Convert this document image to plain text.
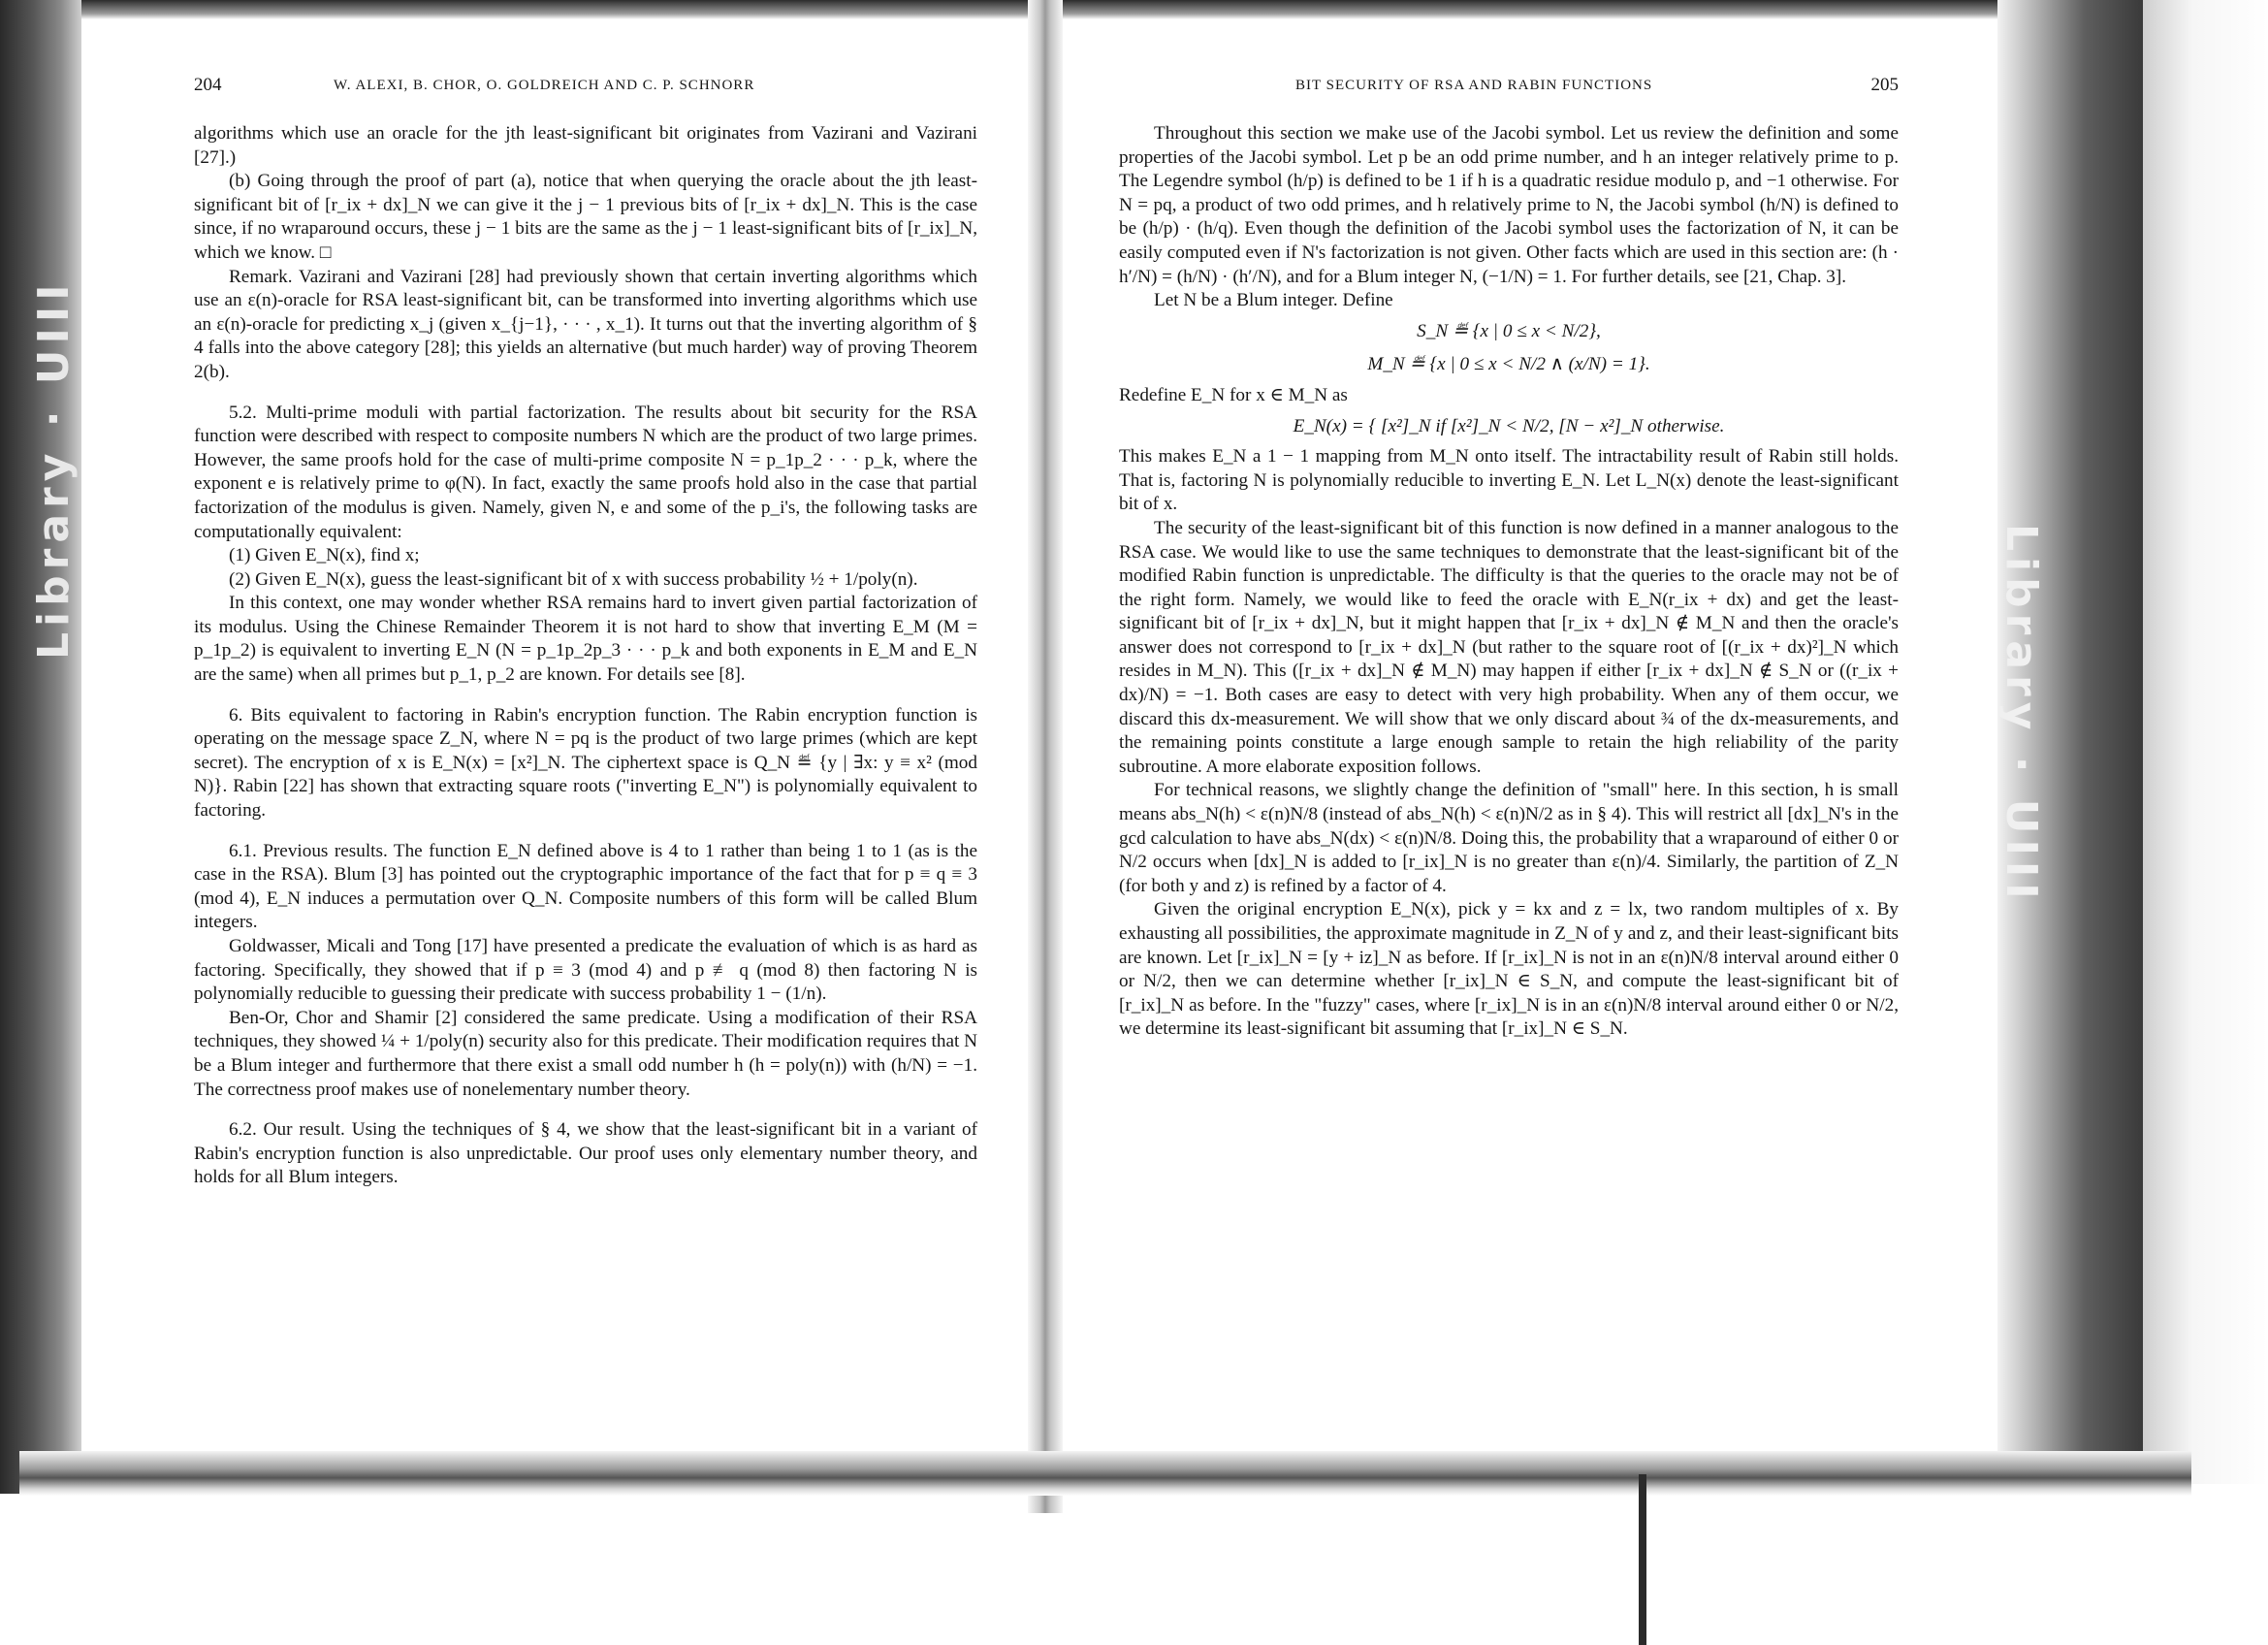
Library · UIII
Library · UIII
204	W. ALEXI, B. CHOR, O. GOLDREICH AND C. P. SCHNORR

algorithms which use an oracle for the jth least-significant bit originates from Vazirani and Vazirani [27].)

(b) Going through the proof of part (a), notice that when querying the oracle about the jth least-significant bit of [r_ix + dx]_N we can give it the j − 1 previous bits of [r_ix + dx]_N. This is the case since, if no wraparound occurs, these j − 1 bits are the same as the j − 1 least-significant bits of [r_ix]_N, which we know. □

Remark. Vazirani and Vazirani [28] had previously shown that certain inverting algorithms which use an ε(n)-oracle for RSA least-significant bit, can be transformed into inverting algorithms which use an ε(n)-oracle for predicting x_j (given x_{j−1}, · · · , x_1). It turns out that the inverting algorithm of § 4 falls into the above category [28]; this yields an alternative (but much harder) way of proving Theorem 2(b).

5.2. Multi-prime moduli with partial factorization. The results about bit security for the RSA function were described with respect to composite numbers N which are the product of two large primes. However, the same proofs hold for the case of multi-prime composite N = p_1p_2 · · · p_k, where the exponent e is relatively prime to φ(N). In fact, exactly the same proofs hold also in the case that partial factorization of the modulus is given. Namely, given N, e and some of the p_i's, the following tasks are computationally equivalent:

(1) Given E_N(x), find x;

(2) Given E_N(x), guess the least-significant bit of x with success probability ½ + 1/poly(n).

In this context, one may wonder whether RSA remains hard to invert given partial factorization of its modulus. Using the Chinese Remainder Theorem it is not hard to show that inverting E_M (M = p_1p_2) is equivalent to inverting E_N (N = p_1p_2p_3 · · · p_k and both exponents in E_M and E_N are the same) when all primes but p_1, p_2 are known. For details see [8].

6. Bits equivalent to factoring in Rabin's encryption function. The Rabin encryption function is operating on the message space Z_N, where N = pq is the product of two large primes (which are kept secret). The encryption of x is E_N(x) = [x²]_N. The ciphertext space is Q_N ≝ {y | ∃x: y ≡ x² (mod N)}. Rabin [22] has shown that extracting square roots ("inverting E_N") is polynomially equivalent to factoring.

6.1. Previous results. The function E_N defined above is 4 to 1 rather than being 1 to 1 (as is the case in the RSA). Blum [3] has pointed out the cryptographic importance of the fact that for p ≡ q ≡ 3 (mod 4), E_N induces a permutation over Q_N. Composite numbers of this form will be called Blum integers.

Goldwasser, Micali and Tong [17] have presented a predicate the evaluation of which is as hard as factoring. Specifically, they showed that if p ≡ 3 (mod 4) and p ≢ q (mod 8) then factoring N is polynomially reducible to guessing their predicate with success probability 1 − (1/n).

Ben-Or, Chor and Shamir [2] considered the same predicate. Using a modification of their RSA techniques, they showed ¼ + 1/poly(n) security also for this predicate. Their modification requires that N be a Blum integer and furthermore that there exist a small odd number h (h = poly(n)) with (h/N) = −1. The correctness proof makes use of nonelementary number theory.

6.2. Our result. Using the techniques of § 4, we show that the least-significant bit in a variant of Rabin's encryption function is also unpredictable. Our proof uses only elementary number theory, and holds for all Blum integers.

BIT SECURITY OF RSA AND RABIN FUNCTIONS	205

Throughout this section we make use of the Jacobi symbol. Let us review the definition and some properties of the Jacobi symbol. Let p be an odd prime number, and h an integer relatively prime to p. The Legendre symbol (h/p) is defined to be 1 if h is a quadratic residue modulo p, and −1 otherwise. For N = pq, a product of two odd primes, and h relatively prime to N, the Jacobi symbol (h/N) is defined to be (h/p) · (h/q). Even though the definition of the Jacobi symbol uses the factorization of N, it can be easily computed even if N's factorization is not given. Other facts which are used in this section are: (h · h′/N) = (h/N) · (h′/N), and for a Blum integer N, (−1/N) = 1. For further details, see [21, Chap. 3].

Let N be a Blum integer. Define

S_N ≝ {x | 0 ≤ x < N/2},
M_N ≝ {x | 0 ≤ x < N/2 ∧ (x/N) = 1}.

Redefine E_N for x ∈ M_N as

E_N(x) = { [x²]_N if [x²]_N < N/2, [N − x²]_N otherwise.

This makes E_N a 1 − 1 mapping from M_N onto itself. The intractability result of Rabin still holds. That is, factoring N is polynomially reducible to inverting E_N. Let L_N(x) denote the least-significant bit of x.

The security of the least-significant bit of this function is now defined in a manner analogous to the RSA case. We would like to use the same techniques to demonstrate that the least-significant bit of the modified Rabin function is unpredictable. The difficulty is that the queries to the oracle may not be of the right form. Namely, we would like to feed the oracle with E_N(r_ix + dx) and get the least-significant bit of [r_ix + dx]_N, but it might happen that [r_ix + dx]_N ∉ M_N and then the oracle's answer does not correspond to [r_ix + dx]_N (but rather to the square root of [(r_ix + dx)²]_N which resides in M_N). This ([r_ix + dx]_N ∉ M_N) may happen if either [r_ix + dx]_N ∉ S_N or ((r_ix + dx)/N) = −1. Both cases are easy to detect with very high probability. When any of them occur, we discard this dx-measurement. We will show that we only discard about ¾ of the dx-measurements, and the remaining points constitute a large enough sample to retain the high reliability of the parity subroutine. A more elaborate exposition follows.

For technical reasons, we slightly change the definition of "small" here. In this section, h is small means abs_N(h) < ε(n)N/8 (instead of abs_N(h) < ε(n)N/2 as in § 4). This will restrict all [dx]_N's in the gcd calculation to have abs_N(dx) < ε(n)N/8. Doing this, the probability that a wraparound of either 0 or N/2 occurs when [dx]_N is added to [r_ix]_N is no greater than ε(n)/4. Similarly, the partition of Z_N (for both y and z) is refined by a factor of 4.

Given the original encryption E_N(x), pick y = kx and z = lx, two random multiples of x. By exhausting all possibilities, the approximate magnitude in Z_N of y and z, and their least-significant bits are known. Let [r_ix]_N = [y + iz]_N as before. If [r_ix]_N is not in an ε(n)N/8 interval around either 0 or N/2, then we can determine whether [r_ix]_N ∈ S_N, and compute the least-significant bit of [r_ix]_N as before. In the "fuzzy" cases, where [r_ix]_N is in an ε(n)N/8 interval around either 0 or N/2, we determine its least-significant bit assuming that [r_ix]_N ∈ S_N.
